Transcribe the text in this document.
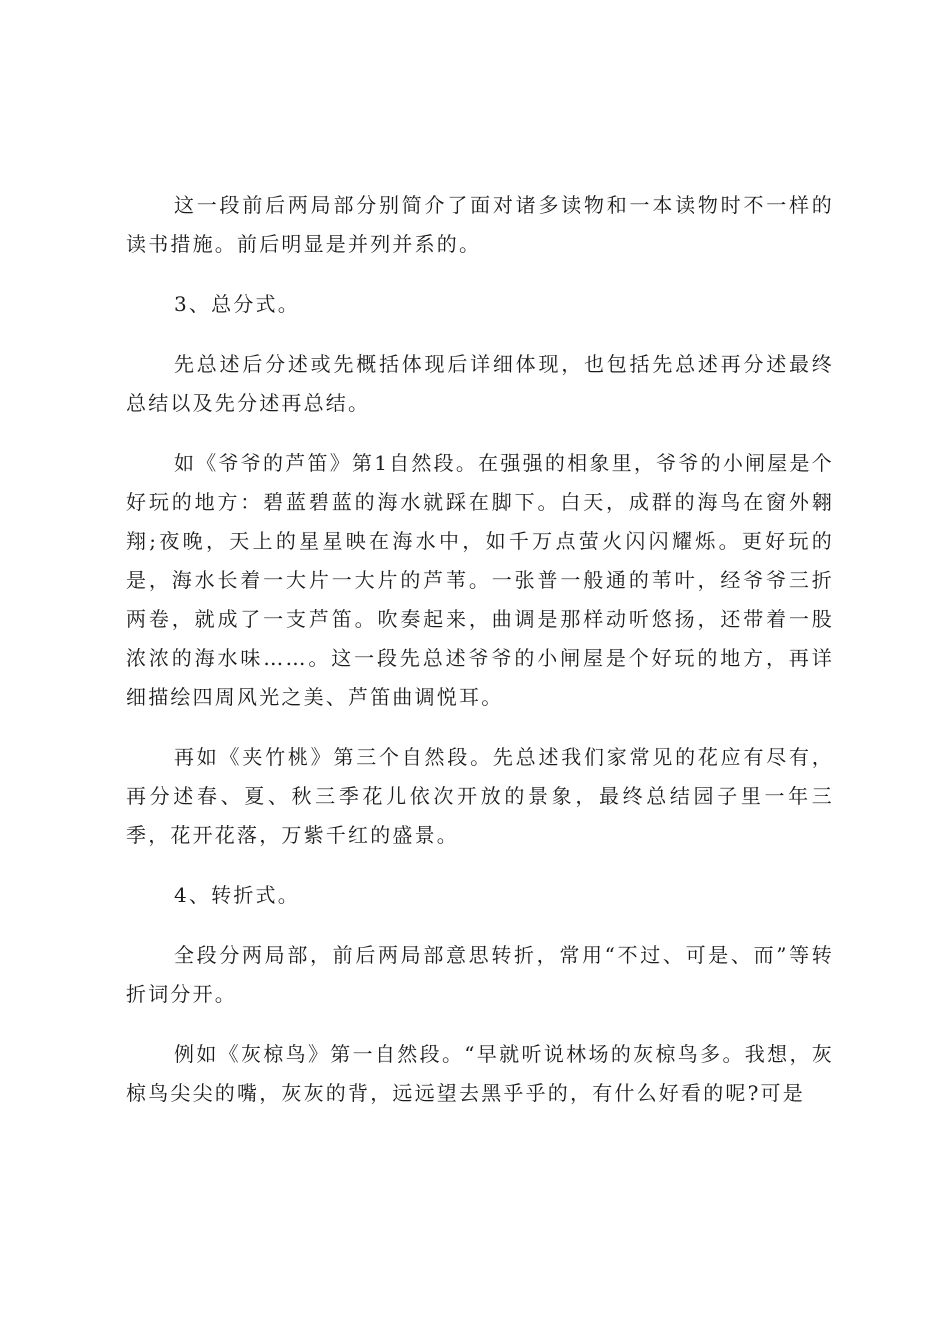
这一段前后两局部分别简介了面对诸多读物和一本读物时不一样的读书措施。前后明显是并列并系的。

3、总分式。

先总述后分述或先概括体现后详细体现，也包括先总述再分述最终总结以及先分述再总结。

如《爷爷的芦笛》第1自然段。在强强的相象里，爷爷的小闸屋是个好玩的地方：碧蓝碧蓝的海水就踩在脚下。白天，成群的海鸟在窗外翱翔;夜晚，天上的星星映在海水中，如千万点萤火闪闪耀烁。更好玩的是，海水长着一大片一大片的芦苇。一张普一般通的苇叶，经爷爷三折两卷，就成了一支芦笛。吹奏起来，曲调是那样动听悠扬，还带着一股浓浓的海水味……。这一段先总述爷爷的小闸屋是个好玩的地方，再详细描绘四周风光之美、芦笛曲调悦耳。

再如《夹竹桃》第三个自然段。先总述我们家常见的花应有尽有，再分述春、夏、秋三季花儿依次开放的景象，最终总结园子里一年三季，花开花落，万紫千红的盛景。

4、转折式。

全段分两局部，前后两局部意思转折，常用“不过、可是、而”等转折词分开。

例如《灰椋鸟》第一自然段。“早就听说林场的灰椋鸟多。我想，灰椋鸟尖尖的嘴，灰灰的背，远远望去黑乎乎的，有什么好看的呢?可是
